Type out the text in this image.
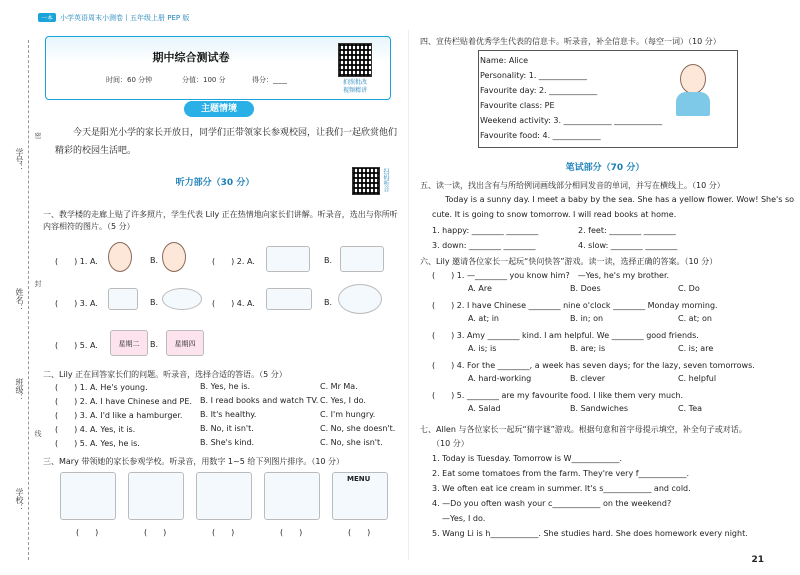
一本	小学英语周末小测卷丨五年级上册 PEP 版
学号：
姓名：
班级：
学校：
密
封
线
期中综合测试卷
时间：60 分钟	分值：100 分	得分：____	拍照批改
视频精讲
主题情境
今天是阳光小学的家长开放日，同学们正带领家长参观校园，让我们一起欣赏他们精彩的校园生活吧。
听力部分（30 分）	扫码听音
一、教学楼的走廊上贴了许多照片，学生代表 Lily 正在热情地向家长们讲解。听录音，选出与你所听内容相符的图片。（5 分）
(　　) 1. A.	B.	(　　) 2. A.	B.
(　　) 3. A.	B.	(　　) 4. A.	B.
(　　) 5. A.	星期二	B.	星期四
二、Lily 正在回答家长们的问题。听录音，选择合适的答语。（5 分）
(　　) 1. A. He's young.	B. Yes, he is.	C. Mr Ma.
(　　) 2. A. I have Chinese and PE. B. I read books and watch TV. C. Yes, I do.
(　　) 3. A. I'd like a hamburger. B. It's healthy.	C. I'm hungry.
(　　) 4. A. Yes, it is.	B. No, it isn't.	C. No, she doesn't.
(　　) 5. A. Yes, he is.	B. She's kind.	C. No, she isn't.
三、Mary 带领她的家长参观学校。听录音，用数字 1~5 给下列图片排序。（10 分）
MENU
(　　)	(　　)	(　　)	(　　)	(　　)
四、宣传栏贴着优秀学生代表的信息卡。听录音，补全信息卡。（每空一词）（10 分）
Name: Alice
Personality: 1. ____________
Favourite day: 2. ____________
Favourite class: PE
Weekend activity: 3. ____________ ____________
Favourite food: 4. ____________
笔试部分（70 分）
五、读一读，找出含有与所给例词画线部分相同发音的单词，并写在横线上。（10 分）
Today is a sunny day. I meet a baby by the sea. She has a yellow flower. Wow! She's so
cute. It is going to snow tomorrow. I will read books at home.
1. happy: ________ ________	2. feet: ________ ________
3. down: ________ ________	4. slow: ________ ________
六、Lily 邀请各位家长一起玩“快问快答”游戏。读一读，选择正确的答案。（10 分）
(　　) 1. —________ you know him?　—Yes, he's my brother.
A. Are	B. Does	C. Do
(　　) 2. I have Chinese ________ nine o'clock ________ Monday morning.
A. at; in	B. in; on	C. at; on
(　　) 3. Amy ________ kind. I am helpful. We ________ good friends.
A. is; is	B. are; is	C. is; are
(　　) 4. For the ________, a week has seven days; for the lazy, seven tomorrows.
A. hard-working	B. clever	C. helpful
(　　) 5. ________ are my favourite food. I like them very much.
A. Salad	B. Sandwiches	C. Tea
七、Allen 与各位家长一起玩“猜字谜”游戏。根据句意和首字母提示填空，补全句子或对话。
（10 分）
1. Today is Tuesday. Tomorrow is W____________.
2. Eat some tomatoes from the farm. They're very f____________.
3. We often eat ice cream in summer. It's s____________ and cold.
4. —Do you often wash your c____________ on the weekend?
—Yes, I do.
5. Wang Li is h____________. She studies hard. She does homework every night.
21
